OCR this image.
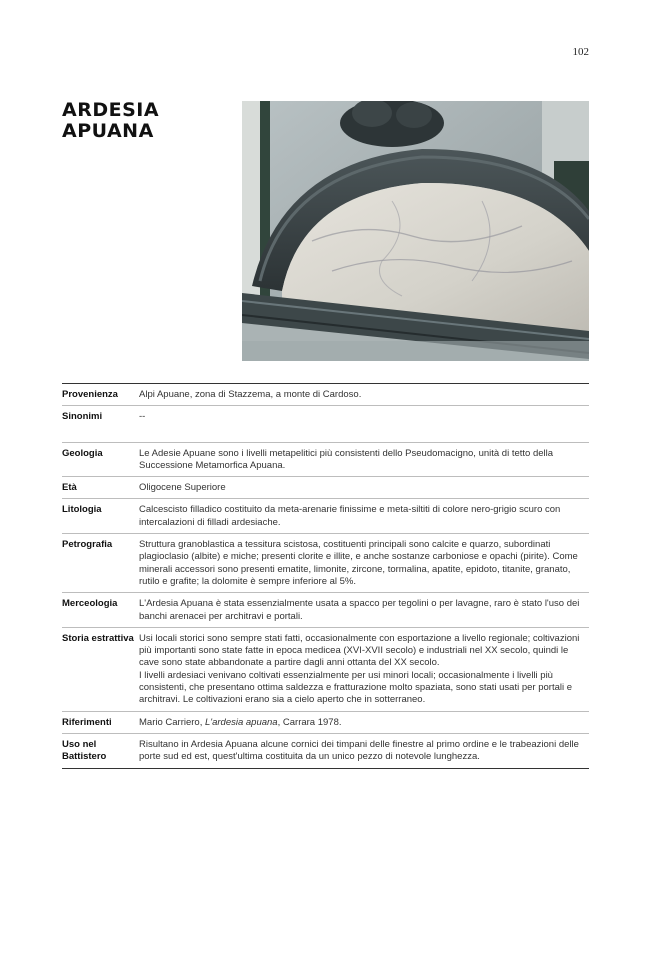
102
ARDESIA
APUANA
Provenienza	Alpi Apuane, zona di Stazzema, a monte di Cardoso.
Sinonimi	--
Geologia	Le Adesie Apuane sono i livelli metapelitici più consistenti dello Pseudomacigno, unità di tetto della Successione Metamorfica Apuana.
Età	Oligocene Superiore
Litologia	Calcescisto filladico costituito da meta-arenarie finissime e meta-siltiti di colore nero-grigio scuro con intercalazioni di filladi ardesiache.
Petrografia	Struttura granoblastica a tessitura scistosa, costituenti principali sono calcite e quarzo, subordinati plagioclasio (albite) e miche; presenti clorite e illite, e anche sostanze carboniose e opachi (pirite). Come minerali accessori sono presenti ematite, limonite, zircone, tormalina, apatite, epidoto, titanite, granato, rutilo e grafite; la dolomite è sempre inferiore al 5%.
Merceologia	L'Ardesia Apuana è stata essenzialmente usata a spacco per tegolini o per lavagne, raro è stato l'uso dei banchi arenacei per architravi e portali.
Storia estrattiva	Usi locali storici sono sempre stati fatti, occasionalmente con esportazione a livello regionale; coltivazioni più importanti sono state fatte in epoca medicea (XVI-XVII secolo) e industriali nel XX secolo, quindi le cave sono state abbandonate a partire dagli anni ottanta del XX secolo.
I livelli ardesiaci venivano coltivati essenzialmente per usi minori locali; occasionalmente i livelli più consistenti, che presentano ottima saldezza e fratturazione molto spaziata, sono stati usati per portali e architravi. Le coltivazioni erano sia a cielo aperto che in sotterraneo.

Riferimenti	Mario Carriero, L'ardesia apuana, Carrara 1978.
Uso nel Battistero	Risultano in Ardesia Apuana alcune cornici dei timpani delle finestre al primo ordine e le trabeazioni delle porte sud ed est, quest'ultima costituita da un unico pezzo di notevole lunghezza.
